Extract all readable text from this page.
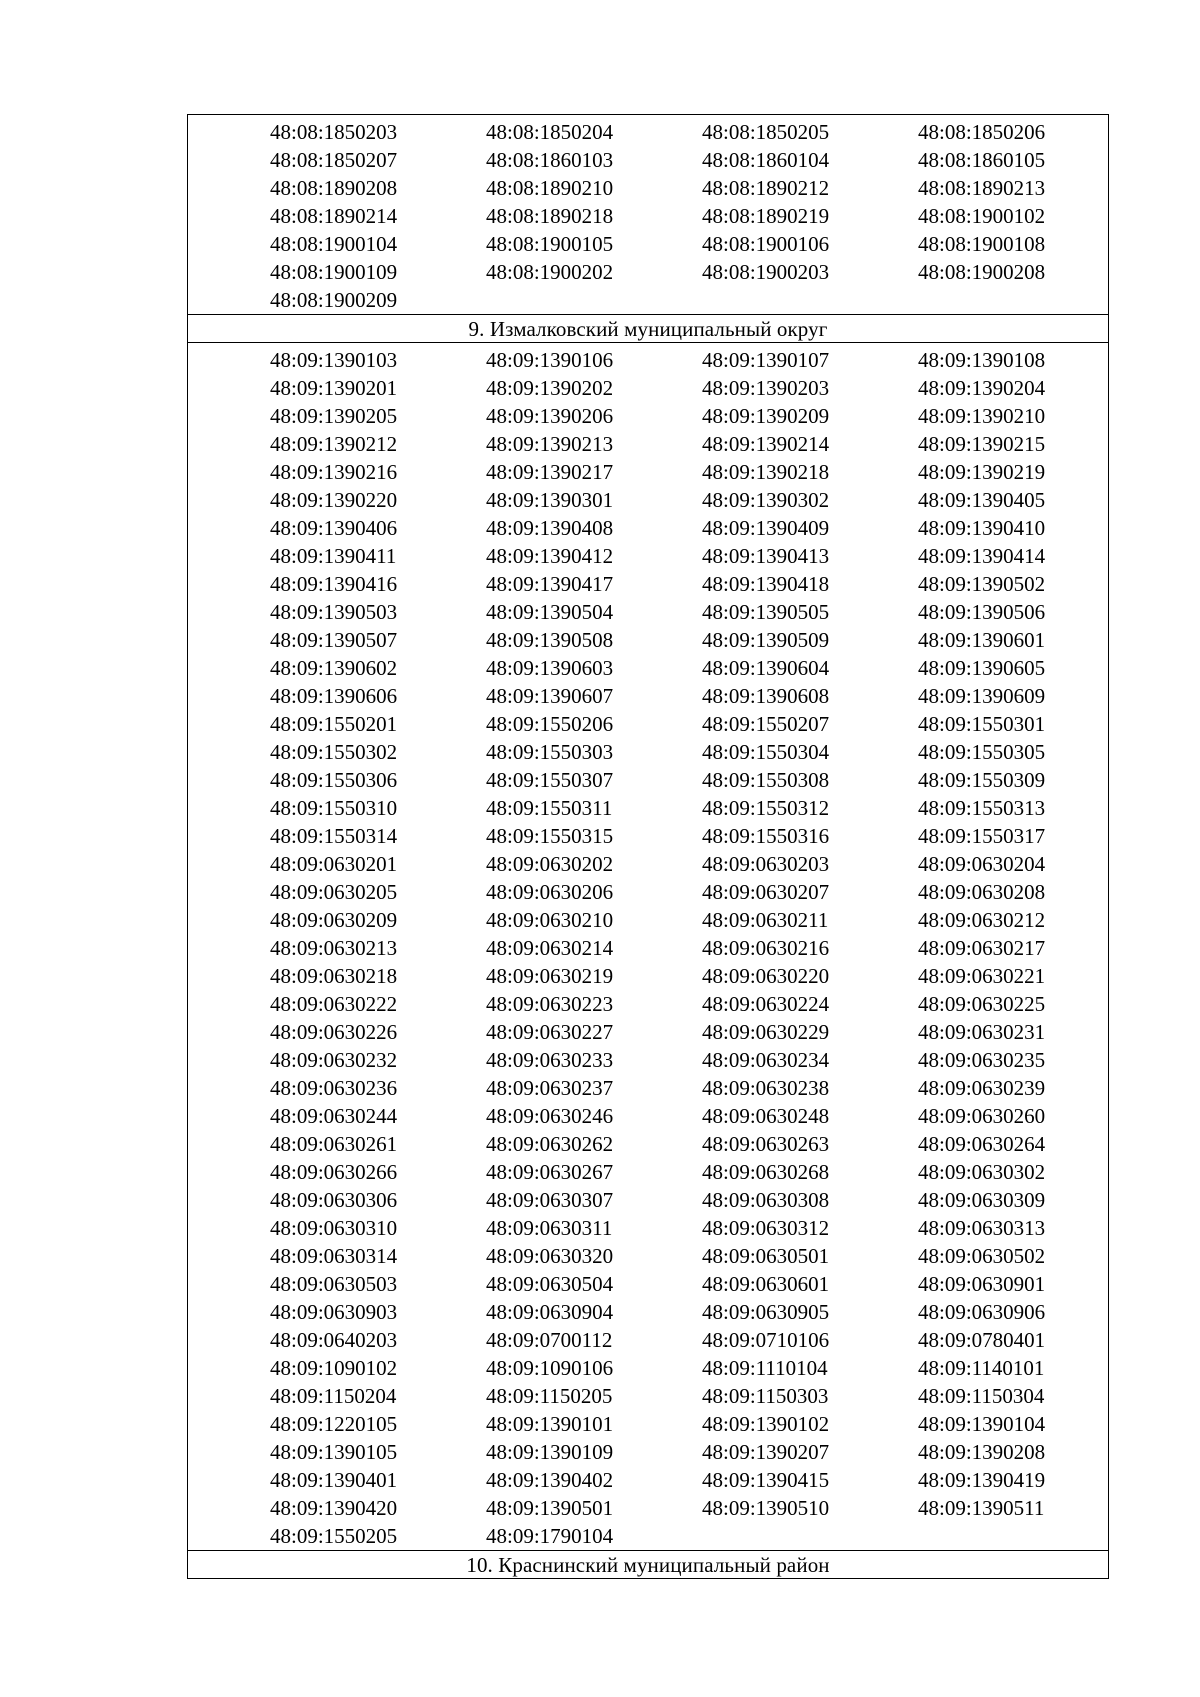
48:08:1850203	48:08:1850204	48:08:1850205	48:08:1850206
48:08:1850207	48:08:1860103	48:08:1860104	48:08:1860105
48:08:1890208	48:08:1890210	48:08:1890212	48:08:1890213
48:08:1890214	48:08:1890218	48:08:1890219	48:08:1900102
48:08:1900104	48:08:1900105	48:08:1900106	48:08:1900108
48:08:1900109	48:08:1900202	48:08:1900203	48:08:1900208
48:08:1900209
9. Измалковский муниципальный округ
48:09:1390103	48:09:1390106	48:09:1390107	48:09:1390108
48:09:1390201	48:09:1390202	48:09:1390203	48:09:1390204
48:09:1390205	48:09:1390206	48:09:1390209	48:09:1390210
48:09:1390212	48:09:1390213	48:09:1390214	48:09:1390215
48:09:1390216	48:09:1390217	48:09:1390218	48:09:1390219
48:09:1390220	48:09:1390301	48:09:1390302	48:09:1390405
48:09:1390406	48:09:1390408	48:09:1390409	48:09:1390410
48:09:1390411	48:09:1390412	48:09:1390413	48:09:1390414
48:09:1390416	48:09:1390417	48:09:1390418	48:09:1390502
48:09:1390503	48:09:1390504	48:09:1390505	48:09:1390506
48:09:1390507	48:09:1390508	48:09:1390509	48:09:1390601
48:09:1390602	48:09:1390603	48:09:1390604	48:09:1390605
48:09:1390606	48:09:1390607	48:09:1390608	48:09:1390609
48:09:1550201	48:09:1550206	48:09:1550207	48:09:1550301
48:09:1550302	48:09:1550303	48:09:1550304	48:09:1550305
48:09:1550306	48:09:1550307	48:09:1550308	48:09:1550309
48:09:1550310	48:09:1550311	48:09:1550312	48:09:1550313
48:09:1550314	48:09:1550315	48:09:1550316	48:09:1550317
48:09:0630201	48:09:0630202	48:09:0630203	48:09:0630204
48:09:0630205	48:09:0630206	48:09:0630207	48:09:0630208
48:09:0630209	48:09:0630210	48:09:0630211	48:09:0630212
48:09:0630213	48:09:0630214	48:09:0630216	48:09:0630217
48:09:0630218	48:09:0630219	48:09:0630220	48:09:0630221
48:09:0630222	48:09:0630223	48:09:0630224	48:09:0630225
48:09:0630226	48:09:0630227	48:09:0630229	48:09:0630231
48:09:0630232	48:09:0630233	48:09:0630234	48:09:0630235
48:09:0630236	48:09:0630237	48:09:0630238	48:09:0630239
48:09:0630244	48:09:0630246	48:09:0630248	48:09:0630260
48:09:0630261	48:09:0630262	48:09:0630263	48:09:0630264
48:09:0630266	48:09:0630267	48:09:0630268	48:09:0630302
48:09:0630306	48:09:0630307	48:09:0630308	48:09:0630309
48:09:0630310	48:09:0630311	48:09:0630312	48:09:0630313
48:09:0630314	48:09:0630320	48:09:0630501	48:09:0630502
48:09:0630503	48:09:0630504	48:09:0630601	48:09:0630901
48:09:0630903	48:09:0630904	48:09:0630905	48:09:0630906
48:09:0640203	48:09:0700112	48:09:0710106	48:09:0780401
48:09:1090102	48:09:1090106	48:09:1110104	48:09:1140101
48:09:1150204	48:09:1150205	48:09:1150303	48:09:1150304
48:09:1220105	48:09:1390101	48:09:1390102	48:09:1390104
48:09:1390105	48:09:1390109	48:09:1390207	48:09:1390208
48:09:1390401	48:09:1390402	48:09:1390415	48:09:1390419
48:09:1390420	48:09:1390501	48:09:1390510	48:09:1390511
48:09:1550205	48:09:1790104
10. Краснинский муниципальный район
